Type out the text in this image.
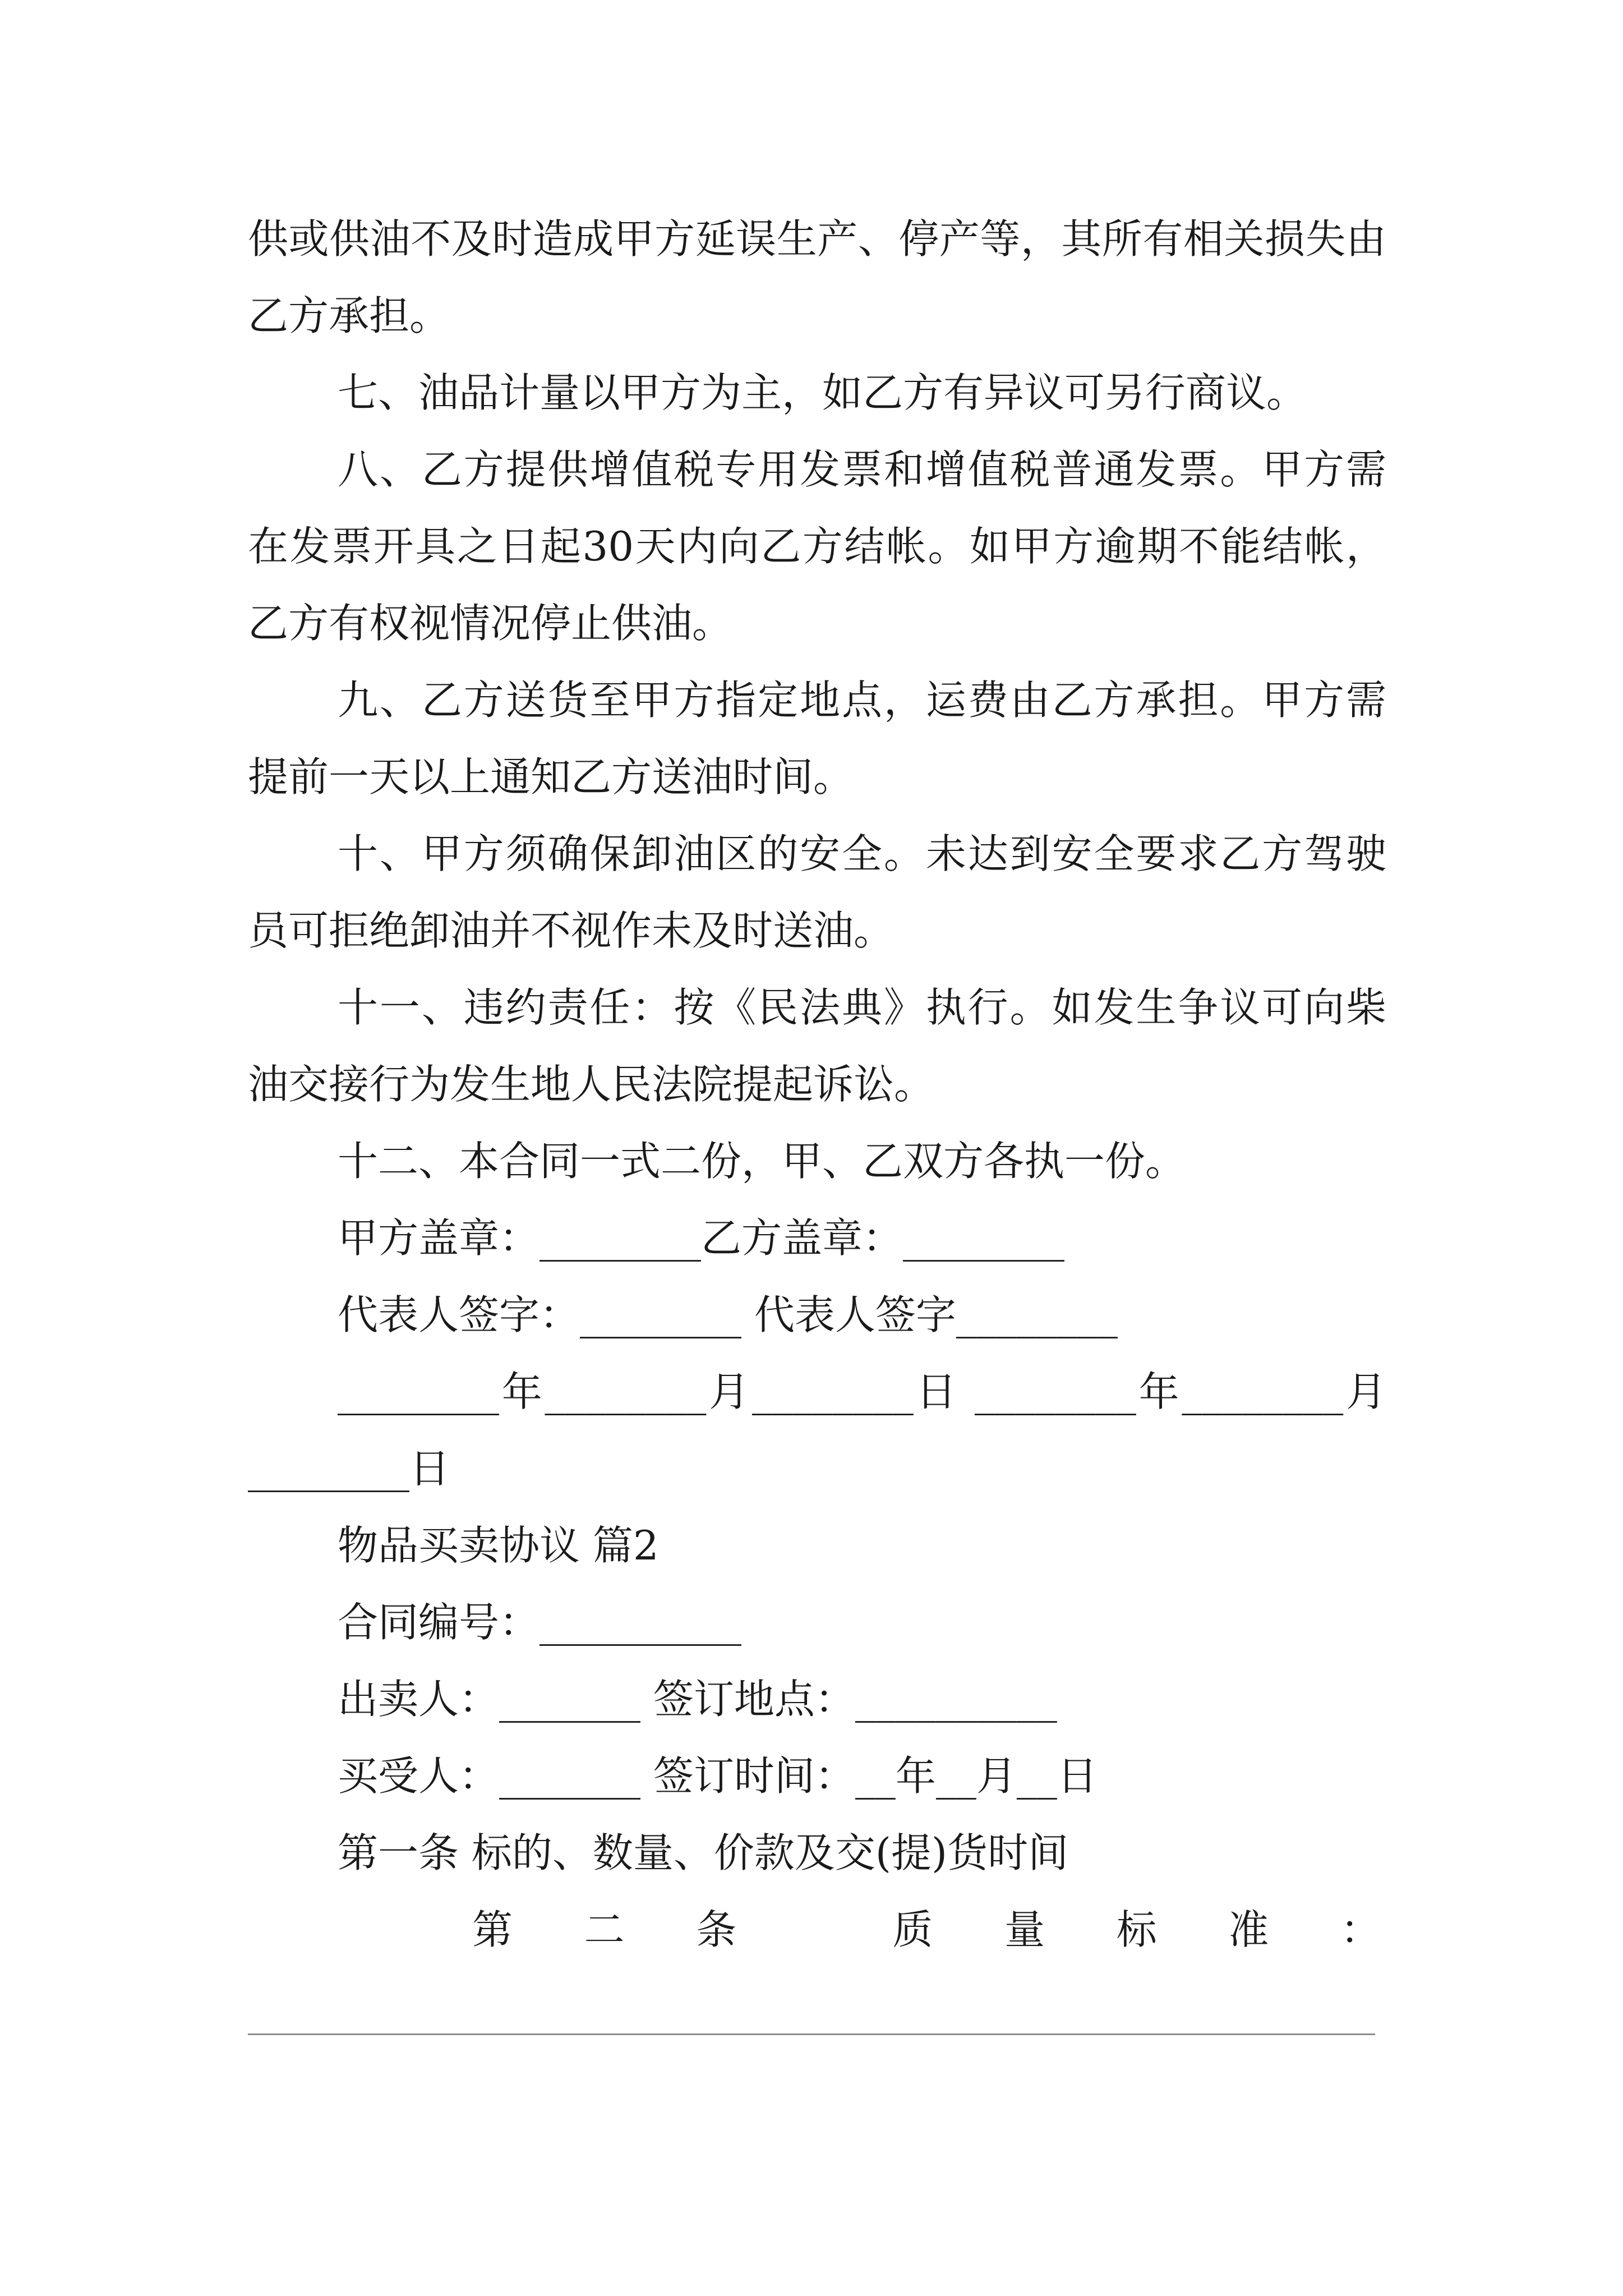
供或供油不及时造成甲方延误生产、停产等，其所有相关损失由乙方承担。

七、油品计量以甲方为主，如乙方有异议可另行商议。

八、乙方提供增值税专用发票和增值税普通发票。甲方需在发票开具之日起30天内向乙方结帐。如甲方逾期不能结帐，乙方有权视情况停止供油。

九、乙方送货至甲方指定地点，运费由乙方承担。甲方需提前一天以上通知乙方送油时间。

十、甲方须确保卸油区的安全。未达到安全要求乙方驾驶员可拒绝卸油并不视作未及时送油。

十一、违约责任：按《民法典》执行。如发生争议可向柴油交接行为发生地人民法院提起诉讼。

十二、本合同一式二份，甲、乙双方各执一份。

甲方盖章：________乙方盖章：________

代表人签字：________ 代表人签字________

________年________月________日 ________年________月________日

物品买卖协议 篇2

合同编号：__________

出卖人：_______ 签订地点：__________

买受人：_______ 签订时间：__年__月__日

第一条 标的、数量、价款及交(提)货时间

第二条 质量标准：
